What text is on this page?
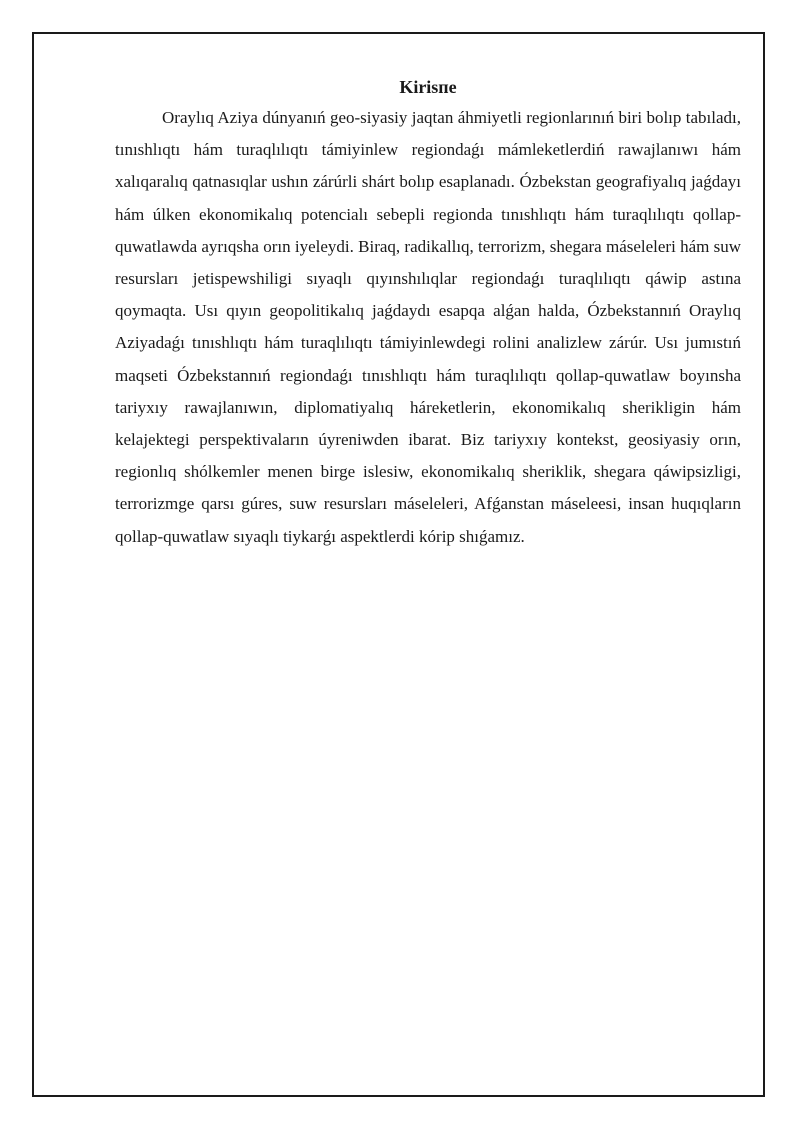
Kirisпe

Oraylıq Aziya dúnyanıń geo-siyasiy jaqtan áhmiyetli regionlarınıń biri bolıp tabıladı, tınıshlıqtı hám turaqlılıqtı támiyinlew regiondaǵı mámleketlerdiń rawajlanıwı hám xalıqaralıq qatnasıqlar ushın zárúrli shárt bolıp esaplanadı. Ózbekstan geografiyalıq jaǵdayı hám úlken ekonomikalıq potencialı sebepli regionda tınıshlıqtı hám turaqlılıqtı qollap-quwatlawda ayrıqsha orın iyeleydi. Biraq, radikallıq, terrorizm, shegara máseleleri hám suw resursları jetispewshiligi sıyaqlı qıyınshılıqlar regiondaǵı turaqlılıqtı qáwip astına qoymaqta. Usı qıyın geopolitikalıq jaǵdaydı esapqa alǵan halda, Ózbekstannıń Oraylıq Aziyadaǵı tınıshlıqtı hám turaqlılıqtı támiyinlewdegi rolini analizlew zárúr. Usı jumıstıń maqseti Ózbekstannıń regiondaǵı tınıshlıqtı hám turaqlılıqtı qollap-quwatlaw boyınsha tariyxıy rawajlanıwın, diplomatiyalıq háreketlerin, ekonomikalıq sherikligin hám kelajektegi perspektivaların úyreniwden ibarat. Biz tariyxıy kontekst, geosiyasiy orın, regionlıq shólkemler menen birge islesiw, ekonomikalıq sheriklik, shegara qáwipsizligi, terrorizmge qarsı gúres, suw resursları máseleleri, Afǵanstan máseleesi, insan huqıqların qollap-quwatlaw sıyaqlı tiykarǵı aspektlerdi kórip shıǵamız.
